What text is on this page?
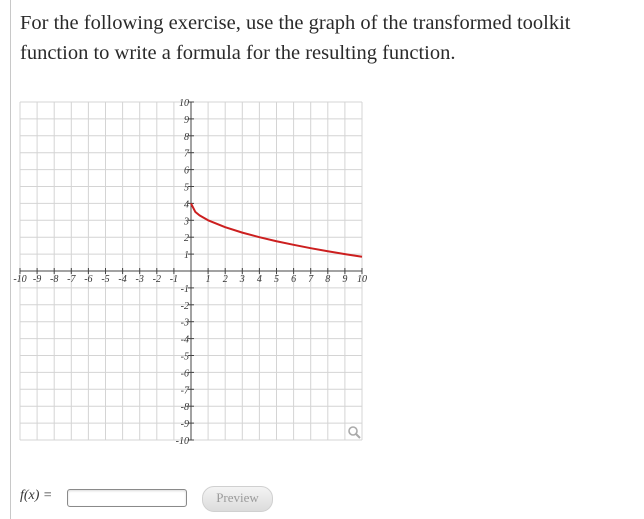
For the following exercise, use the graph of the transformed toolkit function to write a formula for the resulting function.
-10 -9 -8 -7 -6 -5 -4 -3 -2 -1	1 2 3 4 5 6 7 8 9 10
10
9
8
7
6
5
4
3
2
1
-1
-2
-3
-4
-5
-6
-7
-8
-9
-10
f(x) =	Preview
